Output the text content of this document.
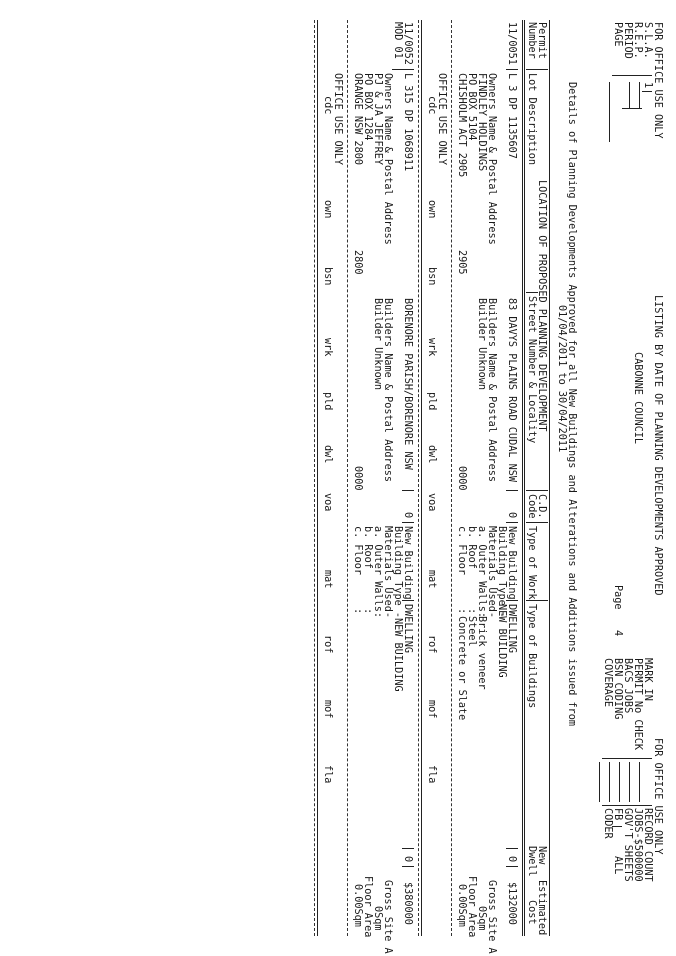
FOR OFFICE USE ONLY
S.L.A.
R.E.P.
PERIOD
PAGE
1
LISTING BY DATE OF PLANNING DEVELOPMENTS APPROVED
CABONNE COUNCIL
Page
4
FOR OFFICE USE ONLY
MARK IN
PERMIT No CHECK
BACS JOBS
BSN CODING
COVERAGE
RECORD COUNT
JOBS-$500000
GOV'T SHEETS
FB
ALL
CODER
Details of Planning Developments Approved for all New Buildings and Alterations and Additions issued from
01/04/2011 to 30/04/2011
Permit
Number
Lot Description
LOCATION OF PROPOSED PLANNING DEVELOPMENT
Street Number & Locality
C.D.
Code
Type of Work
Type of Buildings
New
Dwell
Estimated
Cost
11/0051
L 3 DP 1135607
83 DAVYS PLAINS ROAD CUDAL NSW
0
New Building
DWELLING
0
$132000
Building Type -
NEW BUILDING
Owners Name & Postal Address
Builders Name & Postal Address
Materials Used-
Gross Site A
FINDLEY HOLDINGS
Builder Unknown
a. Outer Walls:
Brick veneer
0Sqm
PO BOX 5104
b. Roof
:
Steel
Floor Area
CHISHOLM ACT 2905
2905
0000
c. Floor
:
Concrete or Slate
0.00Sqm
OFFICE USE ONLY
cdc
own
bsn
wrk
pld
dwl
voa
mat
rof
mof
fla
11/0052
MOD 01
L 315 DP 1068911
BORENORE PARISH/BORENORE NSW
0
New Building
DWELLING
0
$380000
Building Type -
NEW BUILDING
Owners Name & Postal Address
Builders Name & Postal Address
Materials Used-
Gross Site A
PJ & JA JEFFREY
Builder Unknown
a. Outer Walls:
0Sqm
PO BOX 1284
b. Roof
:
Floor Area
ORANGE NSW 2800
2800
0000
c. Floor
:
0.00Sqm
OFFICE USE ONLY
cdc
own
bsn
wrk
pld
dwl
voa
mat
rof
mof
fla
